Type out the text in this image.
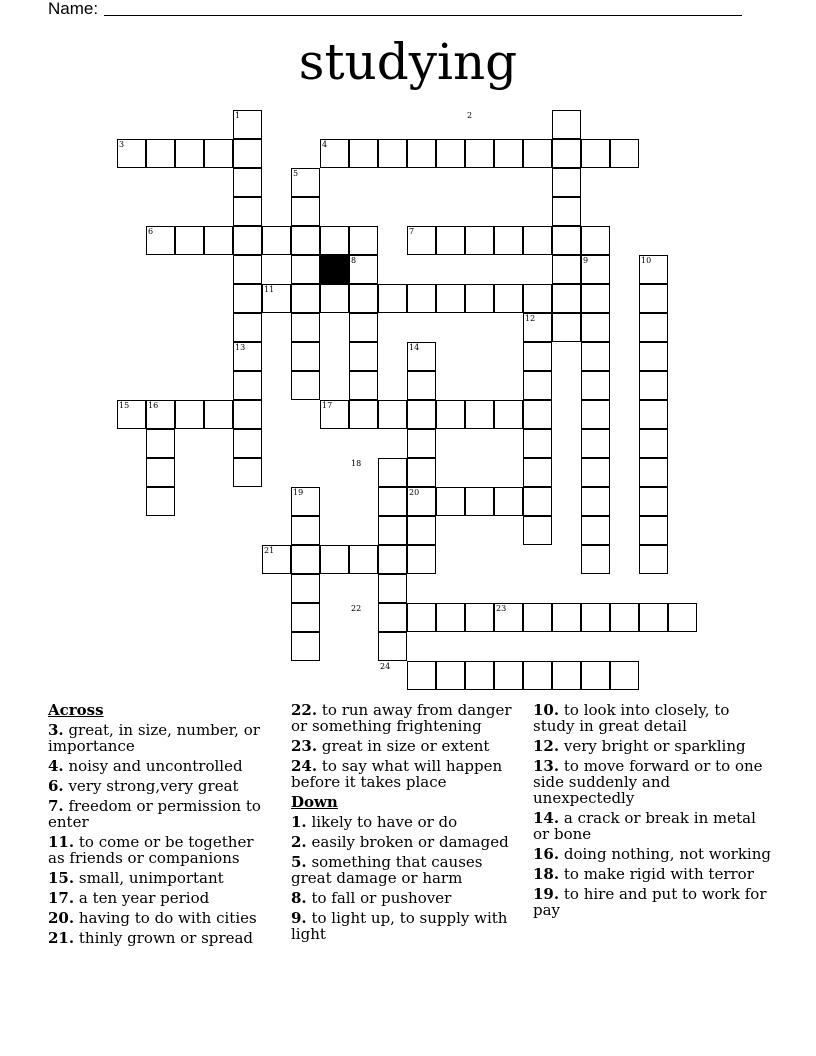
Name:
studying
1	2
3	4
5
6	7
8	9	10
11
12
13	14
15 16	17
18
19	20
21
22	23
24
Across
3. great, in size, number, or importance
4. noisy and uncontrolled
6. very strong,very great
7. freedom or permission to enter
11. to come or be together as friends or companions
15. small, unimportant
17. a ten year period
20. having to do with cities
21. thinly grown or spread
22. to run away from danger or something frightening
23. great in size or extent
24. to say what will happen before it takes place
Down
1. likely to have or do
2. easily broken or damaged
5. something that causes great damage or harm
8. to fall or pushover
9. to light up, to supply with light
10. to look into closely, to study in great detail
12. very bright or sparkling
13. to move forward or to one side suddenly and unexpectedly
14. a crack or break in metal or bone
16. doing nothing, not working
18. to make rigid with terror
19. to hire and put to work for pay
